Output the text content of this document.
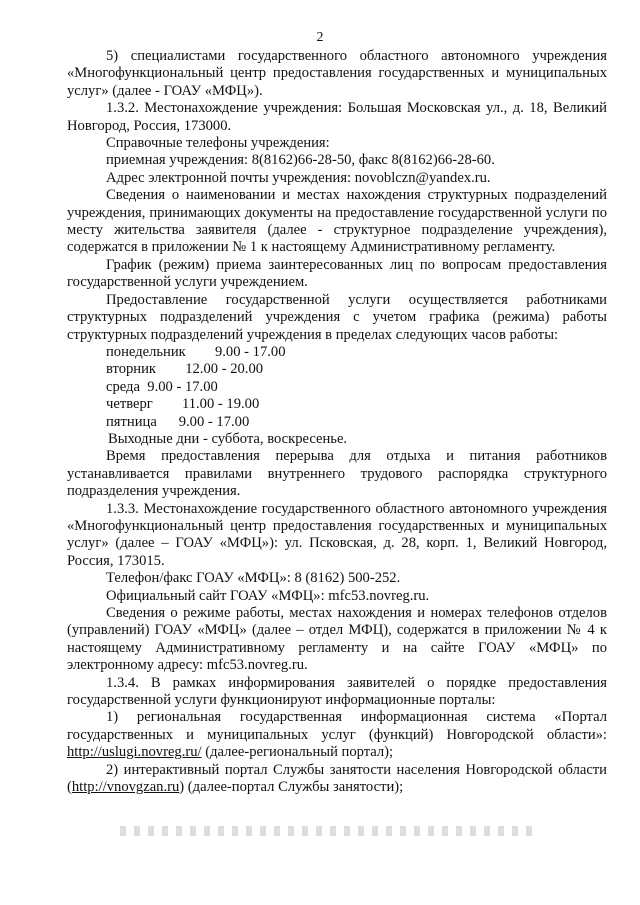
2

5) специалистами государственного областного автономного учреждения «Многофункциональный центр предоставления государственных и муниципальных услуг» (далее - ГОАУ «МФЦ»).

1.3.2. Местонахождение учреждения: Большая Московская ул., д. 18, Великий Новгород, Россия, 173000.

Справочные телефоны учреждения:

приемная учреждения: 8(8162)66-28-50, факс 8(8162)66-28-60.

Адрес электронной почты учреждения: novoblczn@yandex.ru.

Сведения о наименовании и местах нахождения структурных подразделений учреждения, принимающих документы на предоставление государственной услуги по месту жительства заявителя (далее - структурное подразделение учреждения), содержатся в приложении № 1 к настоящему Административному регламенту.

График (режим) приема заинтересованных лиц по вопросам предоставления государственной услуги учреждением.

Предоставление государственной услуги осуществляется работниками структурных подразделений учреждения с учетом графика (режима) работы структурных подразделений учреждения в пределах следующих часов работы:

понедельник 9.00 - 17.00

вторник 12.00 - 20.00

среда 9.00 - 17.00

четверг 11.00 - 19.00

пятница 9.00 - 17.00

Выходные дни - суббота, воскресенье.

Время предоставления перерыва для отдыха и питания работников устанавливается правилами внутреннего трудового распорядка структурного подразделения учреждения.

1.3.3. Местонахождение государственного областного автономного учреждения «Многофункциональный центр предоставления государственных и муниципальных услуг» (далее – ГОАУ «МФЦ»): ул. Псковская, д. 28, корп. 1, Великий Новгород, Россия, 173015.

Телефон/факс ГОАУ «МФЦ»: 8 (8162) 500-252.

Официальный сайт ГОАУ «МФЦ»: mfc53.novreg.ru.

Сведения о режиме работы, местах нахождения и номерах телефонов отделов (управлений) ГОАУ «МФЦ» (далее – отдел МФЦ), содержатся в приложении № 4 к настоящему Административному регламенту и на сайте ГОАУ «МФЦ» по электронному адресу: mfc53.novreg.ru.

1.3.4. В рамках информирования заявителей о порядке предоставления государственной услуги функционируют информационные порталы:

1) региональная государственная информационная система «Портал государственных и муниципальных услуг (функций) Новгородской области»: http://uslugi.novreg.ru/ (далее-региональный портал);

2) интерактивный портал Службы занятости населения Новгородской области (http://vnovgzan.ru) (далее-портал Службы занятости);
